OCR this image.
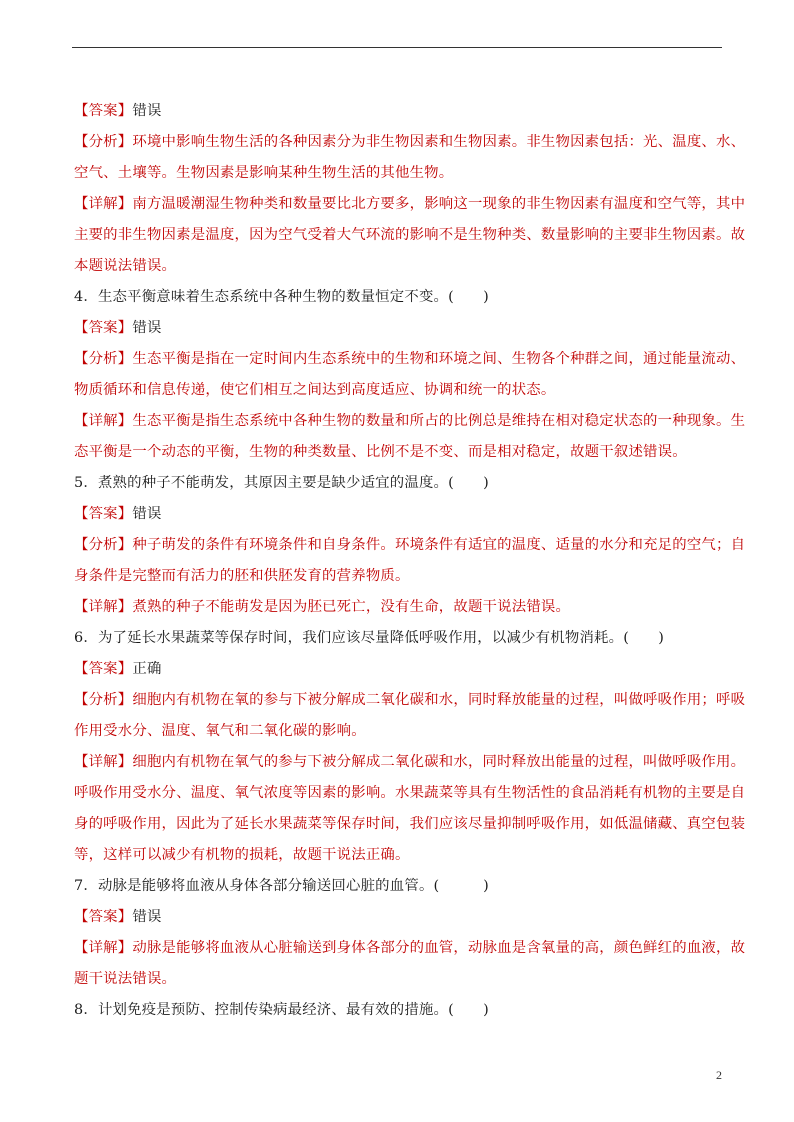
【答案】错误
【分析】环境中影响生物生活的各种因素分为非生物因素和生物因素。非生物因素包括：光、温度、水、
空气、土壤等。生物因素是影响某种生物生活的其他生物。
【详解】南方温暖潮湿生物种类和数量要比北方要多，影响这一现象的非生物因素有温度和空气等，其中
主要的非生物因素是温度，因为空气受着大气环流的影响不是生物种类、数量影响的主要非生物因素。故
本题说法错误。
4．生态平衡意味着生态系统中各种生物的数量恒定不变。(　　)
【答案】错误
【分析】生态平衡是指在一定时间内生态系统中的生物和环境之间、生物各个种群之间，通过能量流动、
物质循环和信息传递，使它们相互之间达到高度适应、协调和统一的状态。
【详解】生态平衡是指生态系统中各种生物的数量和所占的比例总是维持在相对稳定状态的一种现象。生
态平衡是一个动态的平衡，生物的种类数量、比例不是不变、而是相对稳定，故题干叙述错误。
5．煮熟的种子不能萌发，其原因主要是缺少适宜的温度。(　　)
【答案】错误
【分析】种子萌发的条件有环境条件和自身条件。环境条件有适宜的温度、适量的水分和充足的空气；自
身条件是完整而有活力的胚和供胚发育的营养物质。
【详解】煮熟的种子不能萌发是因为胚已死亡，没有生命，故题干说法错误。
6．为了延长水果蔬菜等保存时间，我们应该尽量降低呼吸作用，以减少有机物消耗。(　　)
【答案】正确
【分析】细胞内有机物在氧的参与下被分解成二氧化碳和水，同时释放能量的过程，叫做呼吸作用；呼吸
作用受水分、温度、氧气和二氧化碳的影响。
【详解】细胞内有机物在氧气的参与下被分解成二氧化碳和水，同时释放出能量的过程，叫做呼吸作用。
呼吸作用受水分、温度、氧气浓度等因素的影响。水果蔬菜等具有生物活性的食品消耗有机物的主要是自
身的呼吸作用，因此为了延长水果蔬菜等保存时间，我们应该尽量抑制呼吸作用，如低温储藏、真空包装
等，这样可以减少有机物的损耗，故题干说法正确。
7．动脉是能够将血液从身体各部分输送回心脏的血管。(　　　)
【答案】错误
【详解】动脉是能够将血液从心脏输送到身体各部分的血管，动脉血是含氧量的高，颜色鲜红的血液，故
题干说法错误。
8．计划免疫是预防、控制传染病最经济、最有效的措施。(　　)
2
